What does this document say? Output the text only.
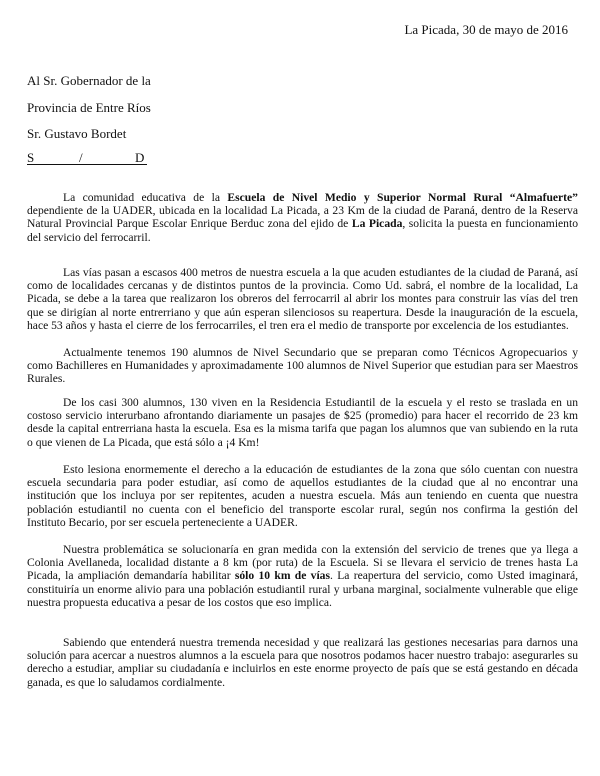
La Picada, 30 de mayo de 2016
Al Sr. Gobernador de la
Provincia de Entre Ríos
Sr. Gustavo Bordet
S	/	D

La comunidad educativa de la Escuela de Nivel Medio y Superior Normal Rural “Almafuerte” dependiente de la UADER, ubicada en la localidad La Picada, a 23 Km de la ciudad de Paraná, dentro de la Reserva Natural Provincial Parque Escolar Enrique Berduc zona del ejido de La Picada, solicita la puesta en funcionamiento del servicio del ferrocarril.

Las vías pasan a escasos 400 metros de nuestra escuela a la que acuden estudiantes de la ciudad de Paraná, así como de localidades cercanas y de distintos puntos de la provincia. Como Ud. sabrá, el nombre de la localidad, La Picada, se debe a la tarea que realizaron los obreros del ferrocarril al abrir los montes para construir las vías del tren que se dirigían al norte entrerriano y que aún esperan silenciosos su reapertura. Desde la inauguración de la escuela, hace 53 años y hasta el cierre de los ferrocarriles, el tren era el medio de transporte por excelencia de los estudiantes.

Actualmente tenemos 190 alumnos de Nivel Secundario que se preparan como Técnicos Agropecuarios y como Bachilleres en Humanidades y aproximadamente 100 alumnos de Nivel Superior que estudian para ser Maestros Rurales.

De los casi 300 alumnos, 130 viven en la Residencia Estudiantil de la escuela y el resto se traslada en un costoso servicio interurbano afrontando diariamente un pasajes de $25 (promedio) para hacer el recorrido de 23 km desde la capital entrerriana hasta la escuela. Esa es la misma tarifa que pagan los alumnos que van subiendo en la ruta o que vienen de La Picada, que está sólo a ¡4 Km!

Esto lesiona enormemente el derecho a la educación de estudiantes de la zona que sólo cuentan con nuestra escuela secundaria para poder estudiar, así como de aquellos estudiantes de la ciudad que al no encontrar una institución que los incluya por ser repitentes, acuden a nuestra escuela. Más aun teniendo en cuenta que nuestra población estudiantil no cuenta con el beneficio del transporte escolar rural, según nos confirma la gestión del Instituto Becario, por ser escuela perteneciente a UADER.

Nuestra problemática se solucionaría en gran medida con la extensión del servicio de trenes que ya llega a Colonia Avellaneda, localidad distante a 8 km (por ruta) de la Escuela. Si se llevara el servicio de trenes hasta La Picada, la ampliación demandaría habilitar sólo 10 km de vías. La reapertura del servicio, como Usted imaginará, constituiría un enorme alivio para una población estudiantil rural y urbana marginal, socialmente vulnerable que elige nuestra propuesta educativa a pesar de los costos que eso implica.

Sabiendo que entenderá nuestra tremenda necesidad y que realizará las gestiones necesarias para darnos una solución para acercar a nuestros alumnos a la escuela para que nosotros podamos hacer nuestro trabajo: asegurarles su derecho a estudiar, ampliar su ciudadanía e incluirlos en este enorme proyecto de país que se está gestando en década ganada, es que lo saludamos cordialmente.
